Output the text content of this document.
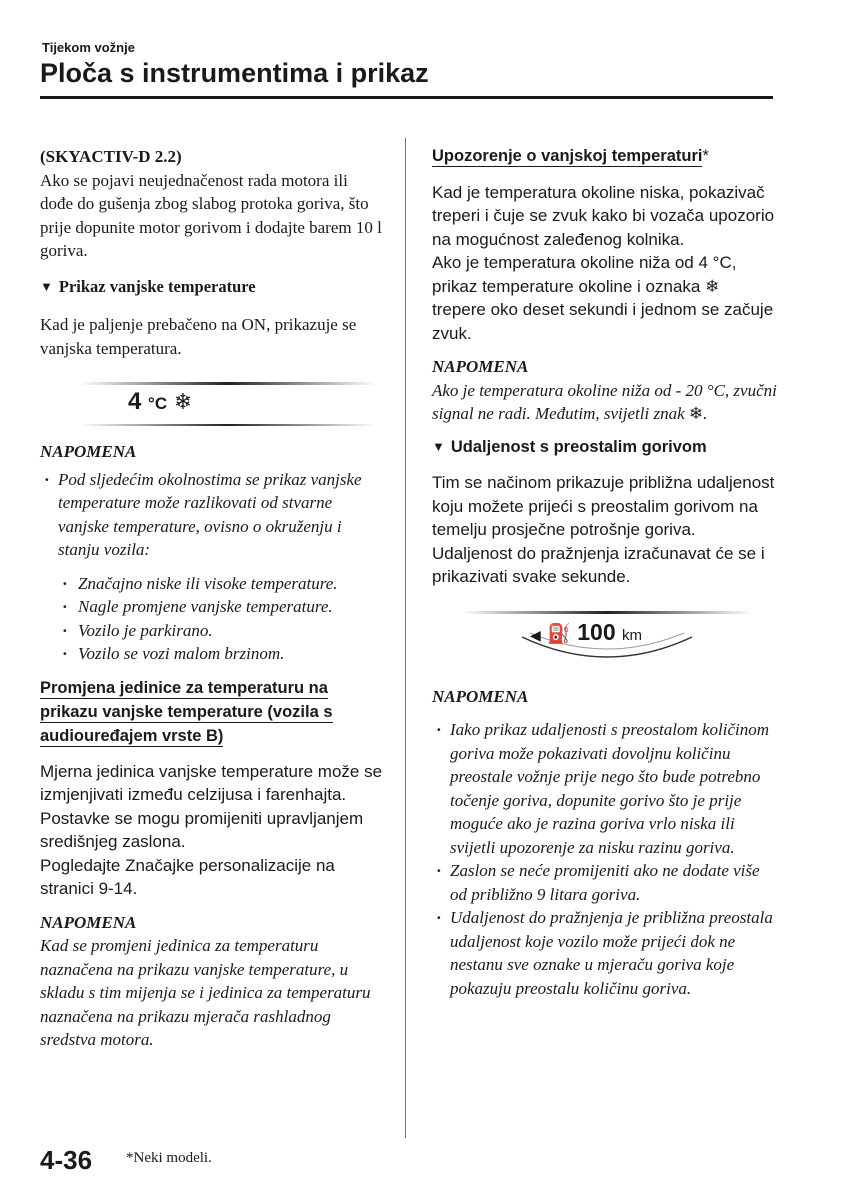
Tijekom vožnje
Ploča s instrumentima i prikaz

(SKYACTIV-D 2.2)

Ako se pojavi neujednačenost rada motora ili dođe do gušenja zbog slabog protoka goriva, što prije dopunite motor gorivom i dodajte barem 10 l goriva.

▼ Prikaz vanjske temperature

Kad je paljenje prebačeno na ON, prikazuje se vanjska temperatura.

4 °C ❄

NAPOMENA

· Pod sljedećim okolnostima se prikaz vanjske temperature može razlikovati od stvarne vanjske temperature, ovisno o okruženju i stanju vozila:
· Značajno niske ili visoke temperature.
· Nagle promjene vanjske temperature.
· Vozilo je parkirano.
· Vozilo se vozi malom brzinom.
Promjena jedinice za temperaturu na
prikazu vanjske temperature (vozila s
audiouređajem vrste B)

Mjerna jedinica vanjske temperature može se izmjenjivati između celzijusa i farenhajta.

Postavke se mogu promijeniti upravljanjem središnjeg zaslona.

Pogledajte Značajke personalizacije na stranici 9-14.

NAPOMENA

Kad se promjeni jedinica za temperaturu naznačena na prikazu vanjske temperature, u skladu s tim mijenja se i jedinica za temperaturu naznačena na prikazu mjerača rashladnog sredstva motora.

Upozorenje o vanjskoj temperaturi*

Kad je temperatura okoline niska, pokazivač treperi i čuje se zvuk kako bi vozača upozorio na mogućnost zaleđenog kolnika.

Ako je temperatura okoline niža od 4 °C, prikaz temperature okoline i oznaka ❄ trepere oko deset sekundi i jednom se začuje zvuk.

NAPOMENA

Ako je temperatura okoline niža od - 20 °C, zvučni signal ne radi. Međutim, svijetli znak ❄.

▼ Udaljenost s preostalim gorivom

Tim se načinom prikazuje približna udaljenost koju možete prijeći s preostalim gorivom na temelju prosječne potrošnje goriva.

Udaljenost do pražnjenja izračunavat će se i prikazivati svake sekunde.

◀ ⛽ 100 km

NAPOMENA

· Iako prikaz udaljenosti s preostalom količinom goriva može pokazivati dovoljnu količinu preostale vožnje prije nego što bude potrebno točenje goriva, dopunite gorivo što je prije moguće ako je razina goriva vrlo niska ili svijetli upozorenje za nisku razinu goriva.
· Zaslon se neće promijeniti ako ne dodate više od približno 9 litara goriva.
· Udaljenost do pražnjenja je približna preostala udaljenost koje vozilo može prijeći dok ne nestanu sve oznake u mjeraču goriva koje pokazuju preostalu količinu goriva.
4-36 *Neki modeli.
